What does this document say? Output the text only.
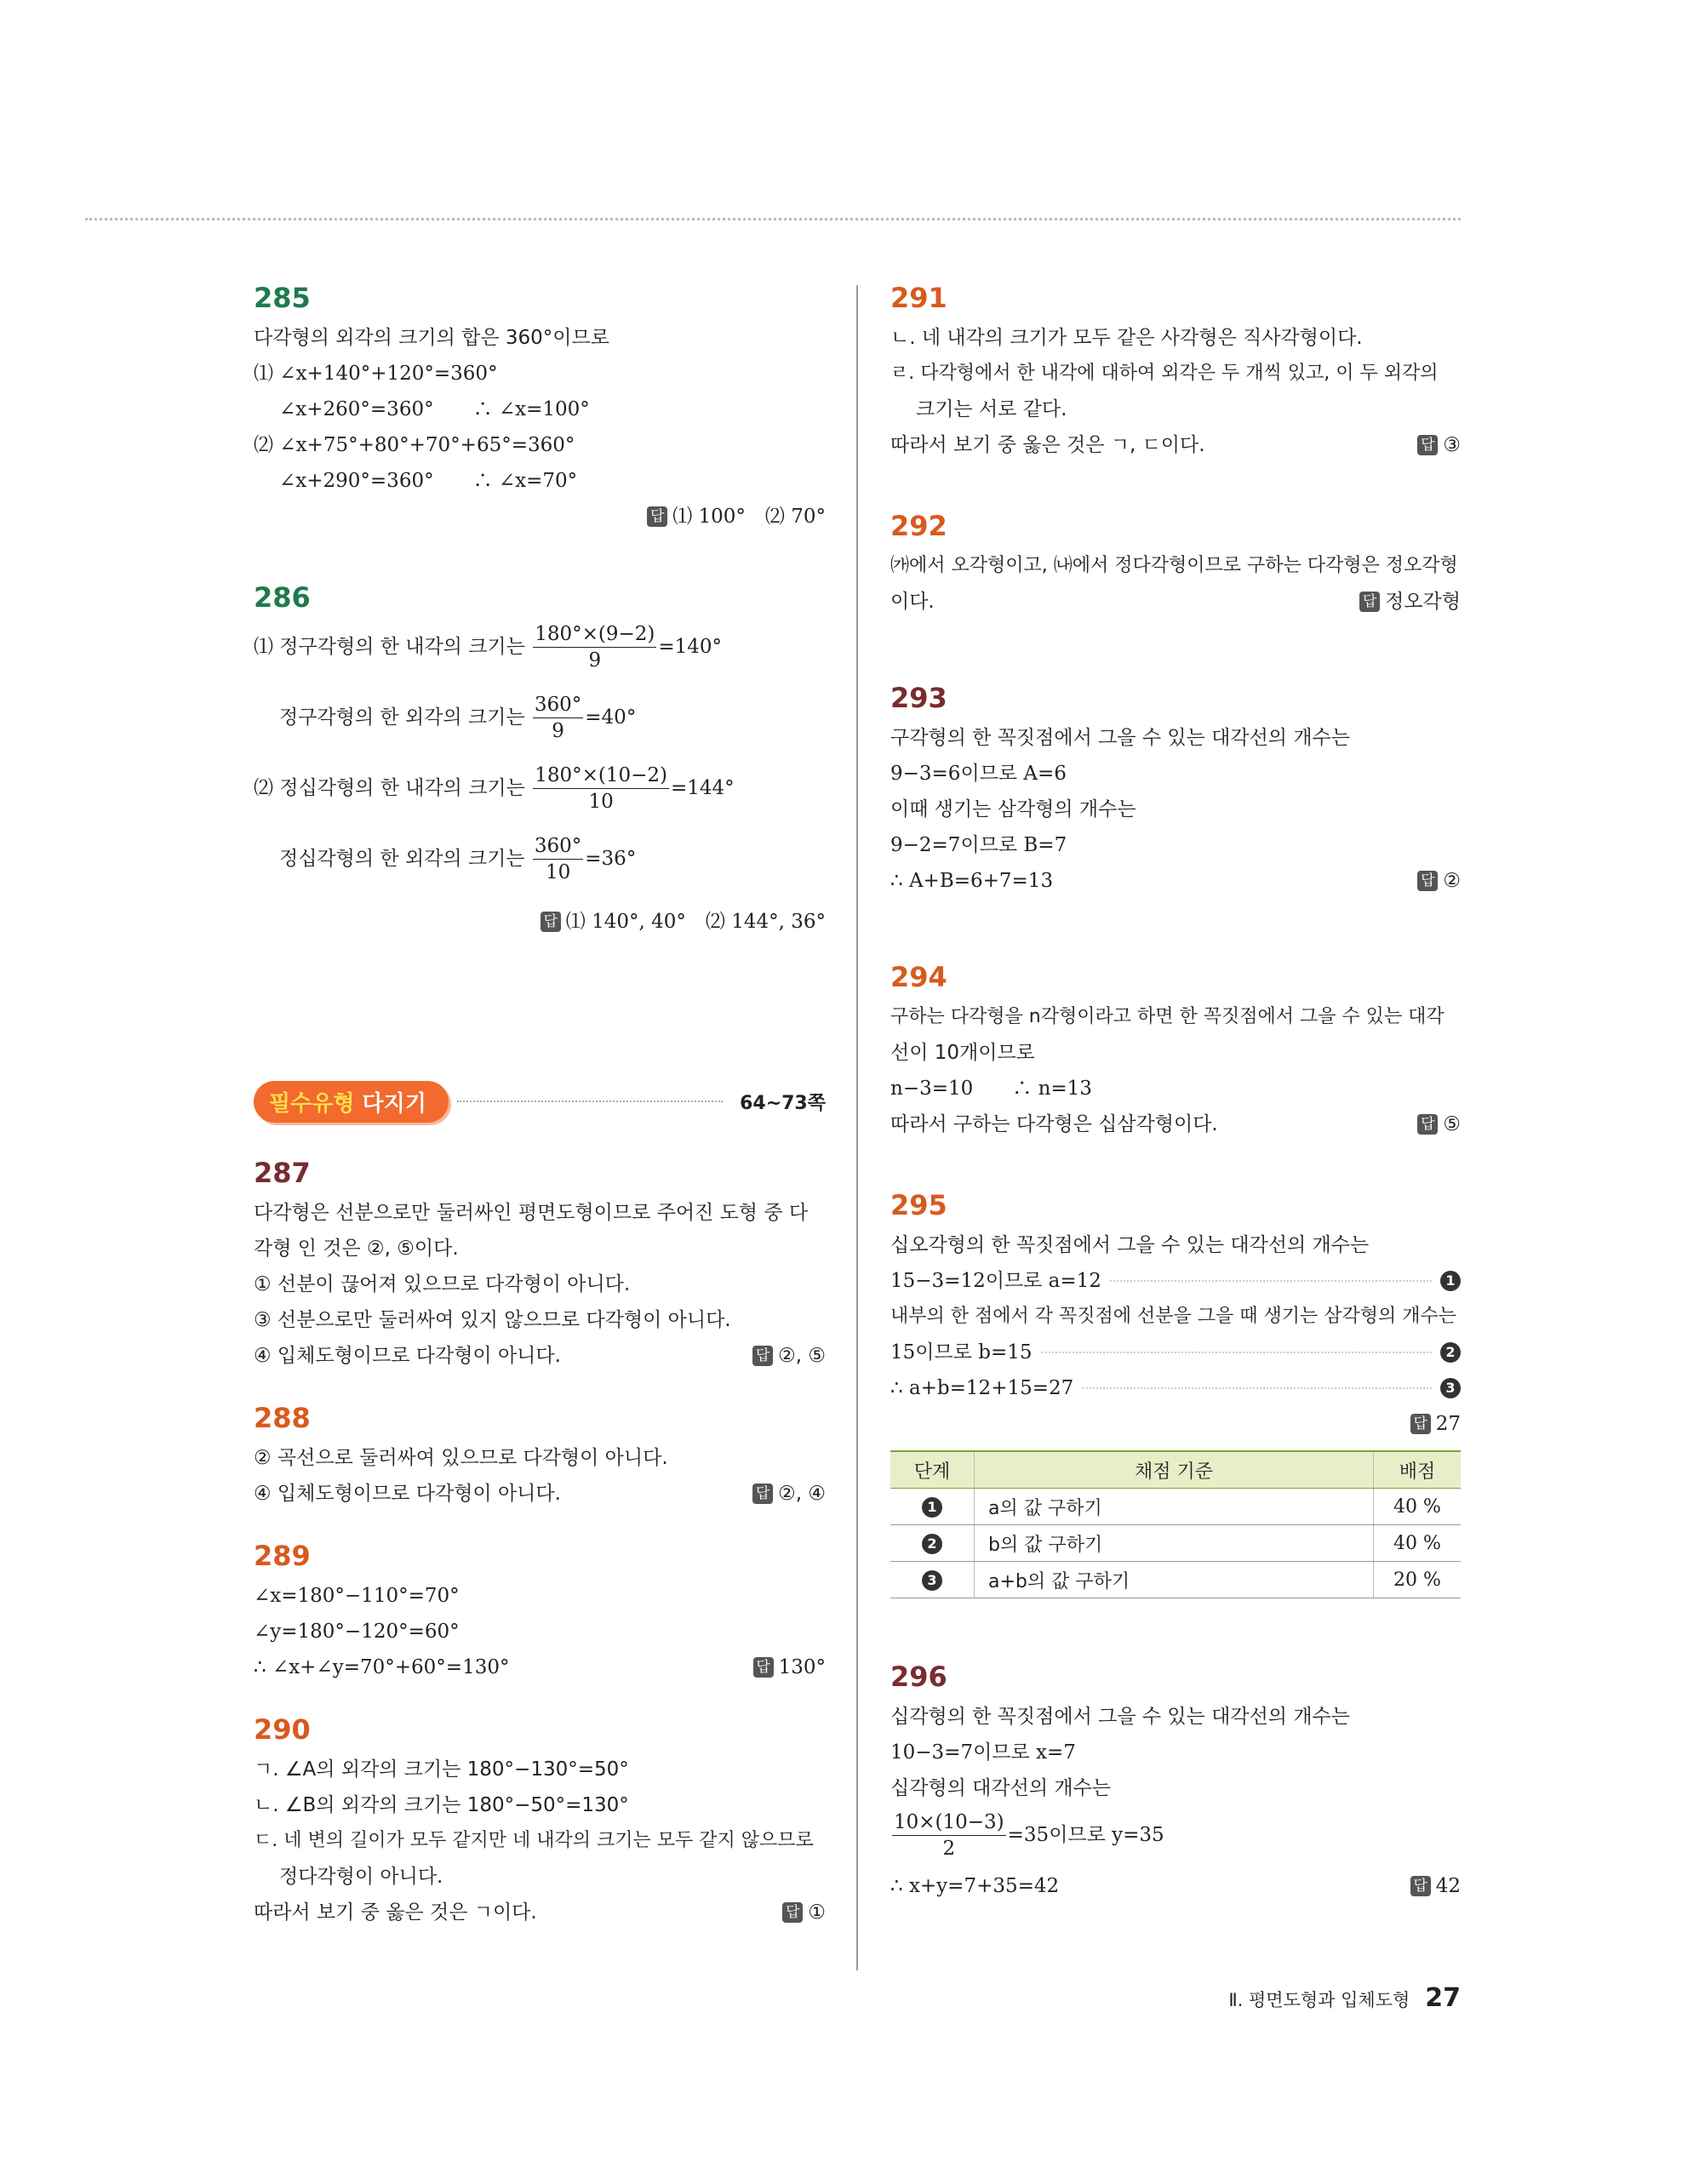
285
다각형의 외각의 크기의 합은 360°이므로
⑴ ∠x+140°+120°=360°
∠x+260°=360°　　∴ ∠x=100°
⑵ ∠x+75°+80°+70°+65°=360°
∠x+290°=360°　　∴ ∠x=70°
답 ⑴ 100°　⑵ 70°
286
⑴ 정구각형의 한 내각의 크기는 $\frac{180^\circ\times(9-2)}{9} =140^\circ$
정구각형의 한 외각의 크기는 $\frac{360^\circ}{9} =40^\circ$
⑵ 정십각형의 한 내각의 크기는 $\frac{180^\circ\times(10-2)}{10} =144^\circ$
정십각형의 한 외각의 크기는 $\frac{360^\circ}{10} =36^\circ$
답 ⑴ 140°, 40°　⑵ 144°, 36°
필수유형 다지기	64~73쪽
287
다각형은 선분으로만 둘러싸인 평면도형이므로 주어진 도형 중 다각형 인 것은 ②, ⑤이다.
① 선분이 끊어져 있으므로 다각형이 아니다.
③ 선분으로만 둘러싸여 있지 않으므로 다각형이 아니다.
④ 입체도형이므로 다각형이 아니다.	답 ②, ⑤
288
② 곡선으로 둘러싸여 있으므로 다각형이 아니다.
④ 입체도형이므로 다각형이 아니다.	답 ②, ④
289
∠x=180°−110°=70°
∠y=180°−120°=60°
∴ ∠x+∠y=70°+60°=130°	답 130°
290
ㄱ. ∠A의 외각의 크기는 180°−130°=50°
ㄴ. ∠B의 외각의 크기는 180°−50°=130°
ㄷ. 네 변의 길이가 모두 같지만 네 내각의 크기는 모두 같지 않으므로
정다각형이 아니다.
따라서 보기 중 옳은 것은 ㄱ이다.	답 ①
291
ㄴ. 네 내각의 크기가 모두 같은 사각형은 직사각형이다.
ㄹ. 다각형에서 한 내각에 대하여 외각은 두 개씩 있고, 이 두 외각의
크기는 서로 같다.
따라서 보기 중 옳은 것은 ㄱ, ㄷ이다.	답 ③
292
㈎에서 오각형이고, ㈏에서 정다각형이므로 구하는 다각형은 정오각형
이다.	답 정오각형
293
구각형의 한 꼭짓점에서 그을 수 있는 대각선의 개수는
9−3=6이므로 A=6
이때 생기는 삼각형의 개수는
9−2=7이므로 B=7
∴ A+B=6+7=13	답 ②
294
구하는 다각형을 n각형이라고 하면 한 꼭짓점에서 그을 수 있는 대각
선이 10개이므로
n−3=10　　∴ n=13
따라서 구하는 다각형은 십삼각형이다.	답 ⑤
295
십오각형의 한 꼭짓점에서 그을 수 있는 대각선의 개수는
15−3=12이므로 a=12	1
내부의 한 점에서 각 꼭짓점에 선분을 그을 때 생기는 삼각형의 개수는
15이므로 b=15	2
∴ a+b=12+15=27	3
답 27
단계	채점 기준	배점
1	a의 값 구하기	40 %
2	b의 값 구하기	40 %
3	a+b의 값 구하기	20 %
296
십각형의 한 꼭짓점에서 그을 수 있는 대각선의 개수는
10−3=7이므로 x=7
십각형의 대각선의 개수는
$\frac{10\times(10-3)}{2} =35$이므로 y=35
∴ x+y=7+35=42	답 42
Ⅱ. 평면도형과 입체도형 27
